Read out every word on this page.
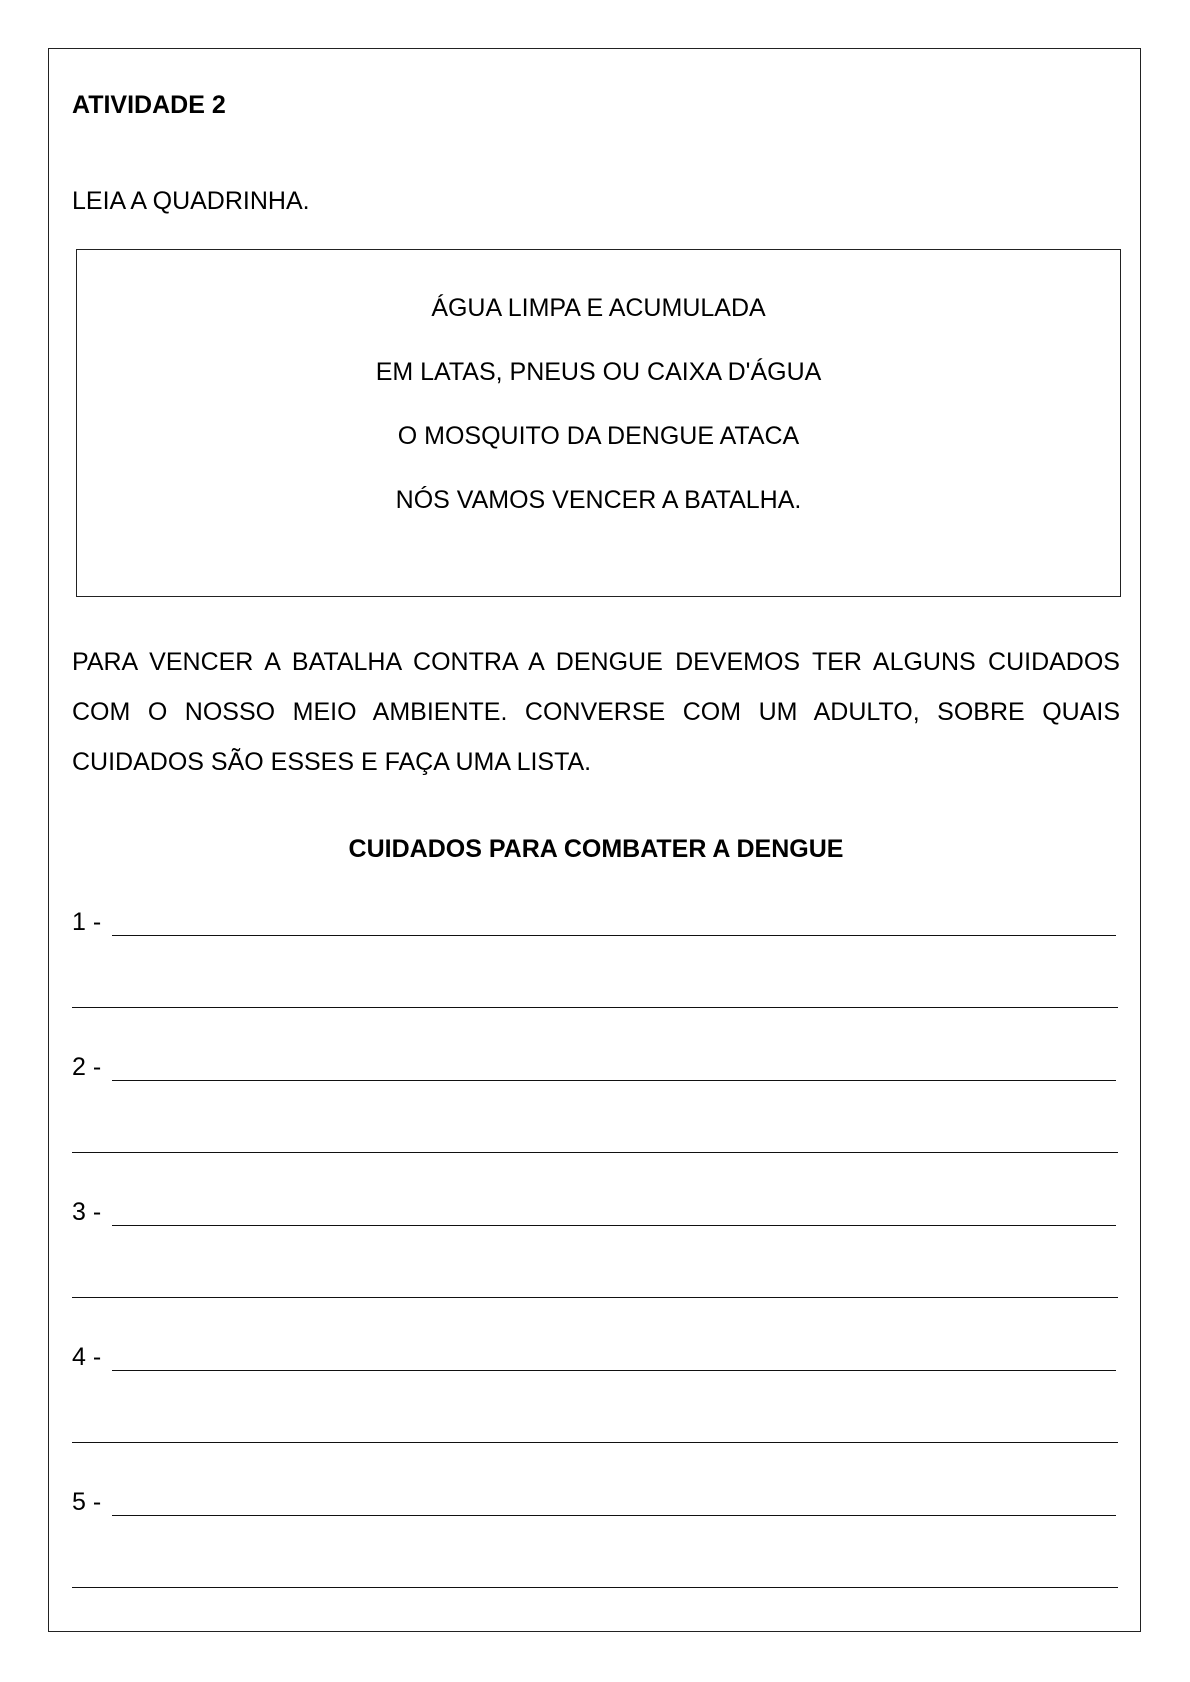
ATIVIDADE 2

LEIA A QUADRINHA.

ÁGUA LIMPA E ACUMULADA

EM LATAS, PNEUS OU CAIXA D'ÁGUA

O MOSQUITO DA DENGUE ATACA

NÓS VAMOS VENCER A BATALHA.

PARA VENCER A BATALHA CONTRA A DENGUE DEVEMOS TER ALGUNS CUIDADOS COM O NOSSO MEIO AMBIENTE. CONVERSE COM UM ADULTO, SOBRE QUAIS CUIDADOS SÃO ESSES E FAÇA UMA LISTA.

CUIDADOS PARA COMBATER A DENGUE
1 -
2 -
3 -
4 -
5 -
